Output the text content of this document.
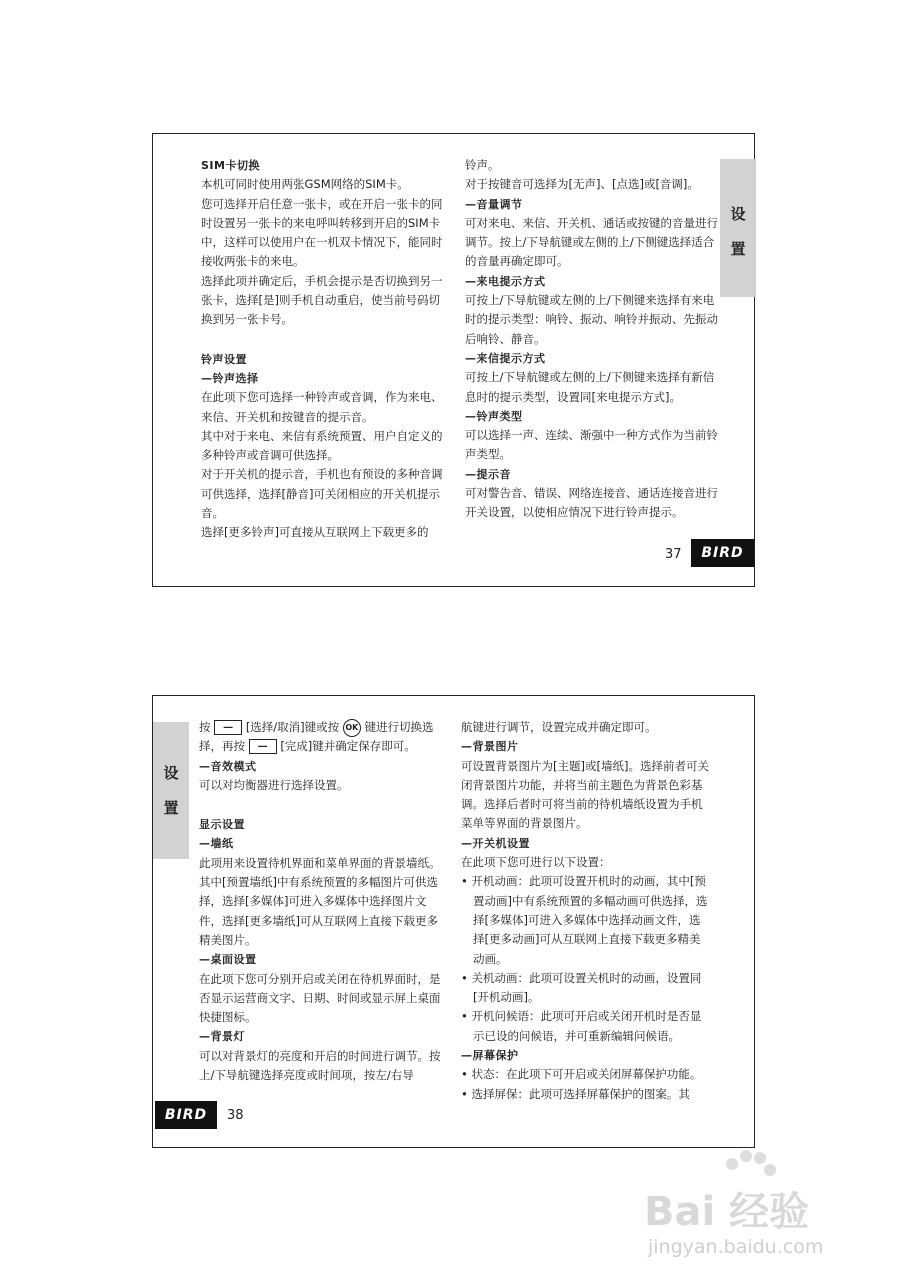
SIM卡切换

本机可同时使用两张GSM网络的SIM卡。

您可选择开启任意一张卡，或在开启一张卡的同时设置另一张卡的来电呼叫转移到开启的SIM卡中，这样可以使用户在一机双卡情况下，能同时接收两张卡的来电。

选择此项并确定后，手机会提示是否切换到另一张卡，选择[是]则手机自动重启，使当前号码切换到另一张卡号。

铃声设置

—铃声选择

在此项下您可选择一种铃声或音调，作为来电、来信、开关机和按键音的提示音。

其中对于来电、来信有系统预置、用户自定义的多种铃声或音调可供选择。

对于开关机的提示音，手机也有预设的多种音调可供选择，选择[静音]可关闭相应的开关机提示音。

选择[更多铃声]可直接从互联网上下载更多的

铃声。

对于按键音可选择为[无声]、[点选]或[音调]。

—音量调节

可对来电、来信、开关机、通话或按键的音量进行调节。按上/下导航键或左侧的上/下侧键选择适合的音量再确定即可。

—来电提示方式

可按上/下导航键或左侧的上/下侧键来选择有来电时的提示类型：响铃、振动、响铃并振动、先振动后响铃、静音。

—来信提示方式

可按上/下导航键或左侧的上/下侧键来选择有新信息时的提示类型，设置同[来电提示方式]。

—铃声类型

可以选择一声、连续、渐强中一种方式作为当前铃声类型。

—提示音

可对警告音、错误、网络连接音、通话连接音进行开关设置，以使相应情况下进行铃声提示。

设
置
37	BIRD
设
置

按 — [选择/取消]键或按 OK 键进行切换选择，再按 — [完成]键并确定保存即可。

—音效模式

可以对均衡器进行选择设置。

显示设置

—墙纸

此项用来设置待机界面和菜单界面的背景墙纸。其中[预置墙纸]中有系统预置的多幅图片可供选择，选择[多媒体]可进入多媒体中选择图片文件，选择[更多墙纸]可从互联网上直接下载更多精美图片。

—桌面设置

在此项下您可分别开启或关闭在待机界面时，是否显示运营商文字、日期、时间或显示屏上桌面快捷图标。

—背景灯

可以对背景灯的亮度和开启的时间进行调节。按上/下导航键选择亮度或时间项，按左/右导

航键进行调节，设置完成并确定即可。

—背景图片

可设置背景图片为[主题]或[墙纸]。选择前者可关闭背景图片功能，并将当前主题色为背景色彩基调。选择后者时可将当前的待机墙纸设置为手机菜单等界面的背景图片。

—开关机设置

在此项下您可进行以下设置：

• 开机动画：此项可设置开机时的动画，其中[预置动画]中有系统预置的多幅动画可供选择，选择[多媒体]可进入多媒体中选择动画文件，选择[更多动画]可从互联网上直接下载更多精美动画。

• 关机动画：此项可设置关机时的动画，设置同[开机动画]。

• 开机问候语：此项可开启或关闭开机时是否显示已设的问候语，并可重新编辑问候语。

—屏幕保护

• 状态：在此项下可开启或关闭屏幕保护功能。

• 选择屏保：此项可选择屏幕保护的图案。其

BIRD	38
Bai 经验
jingyan.baidu.com
